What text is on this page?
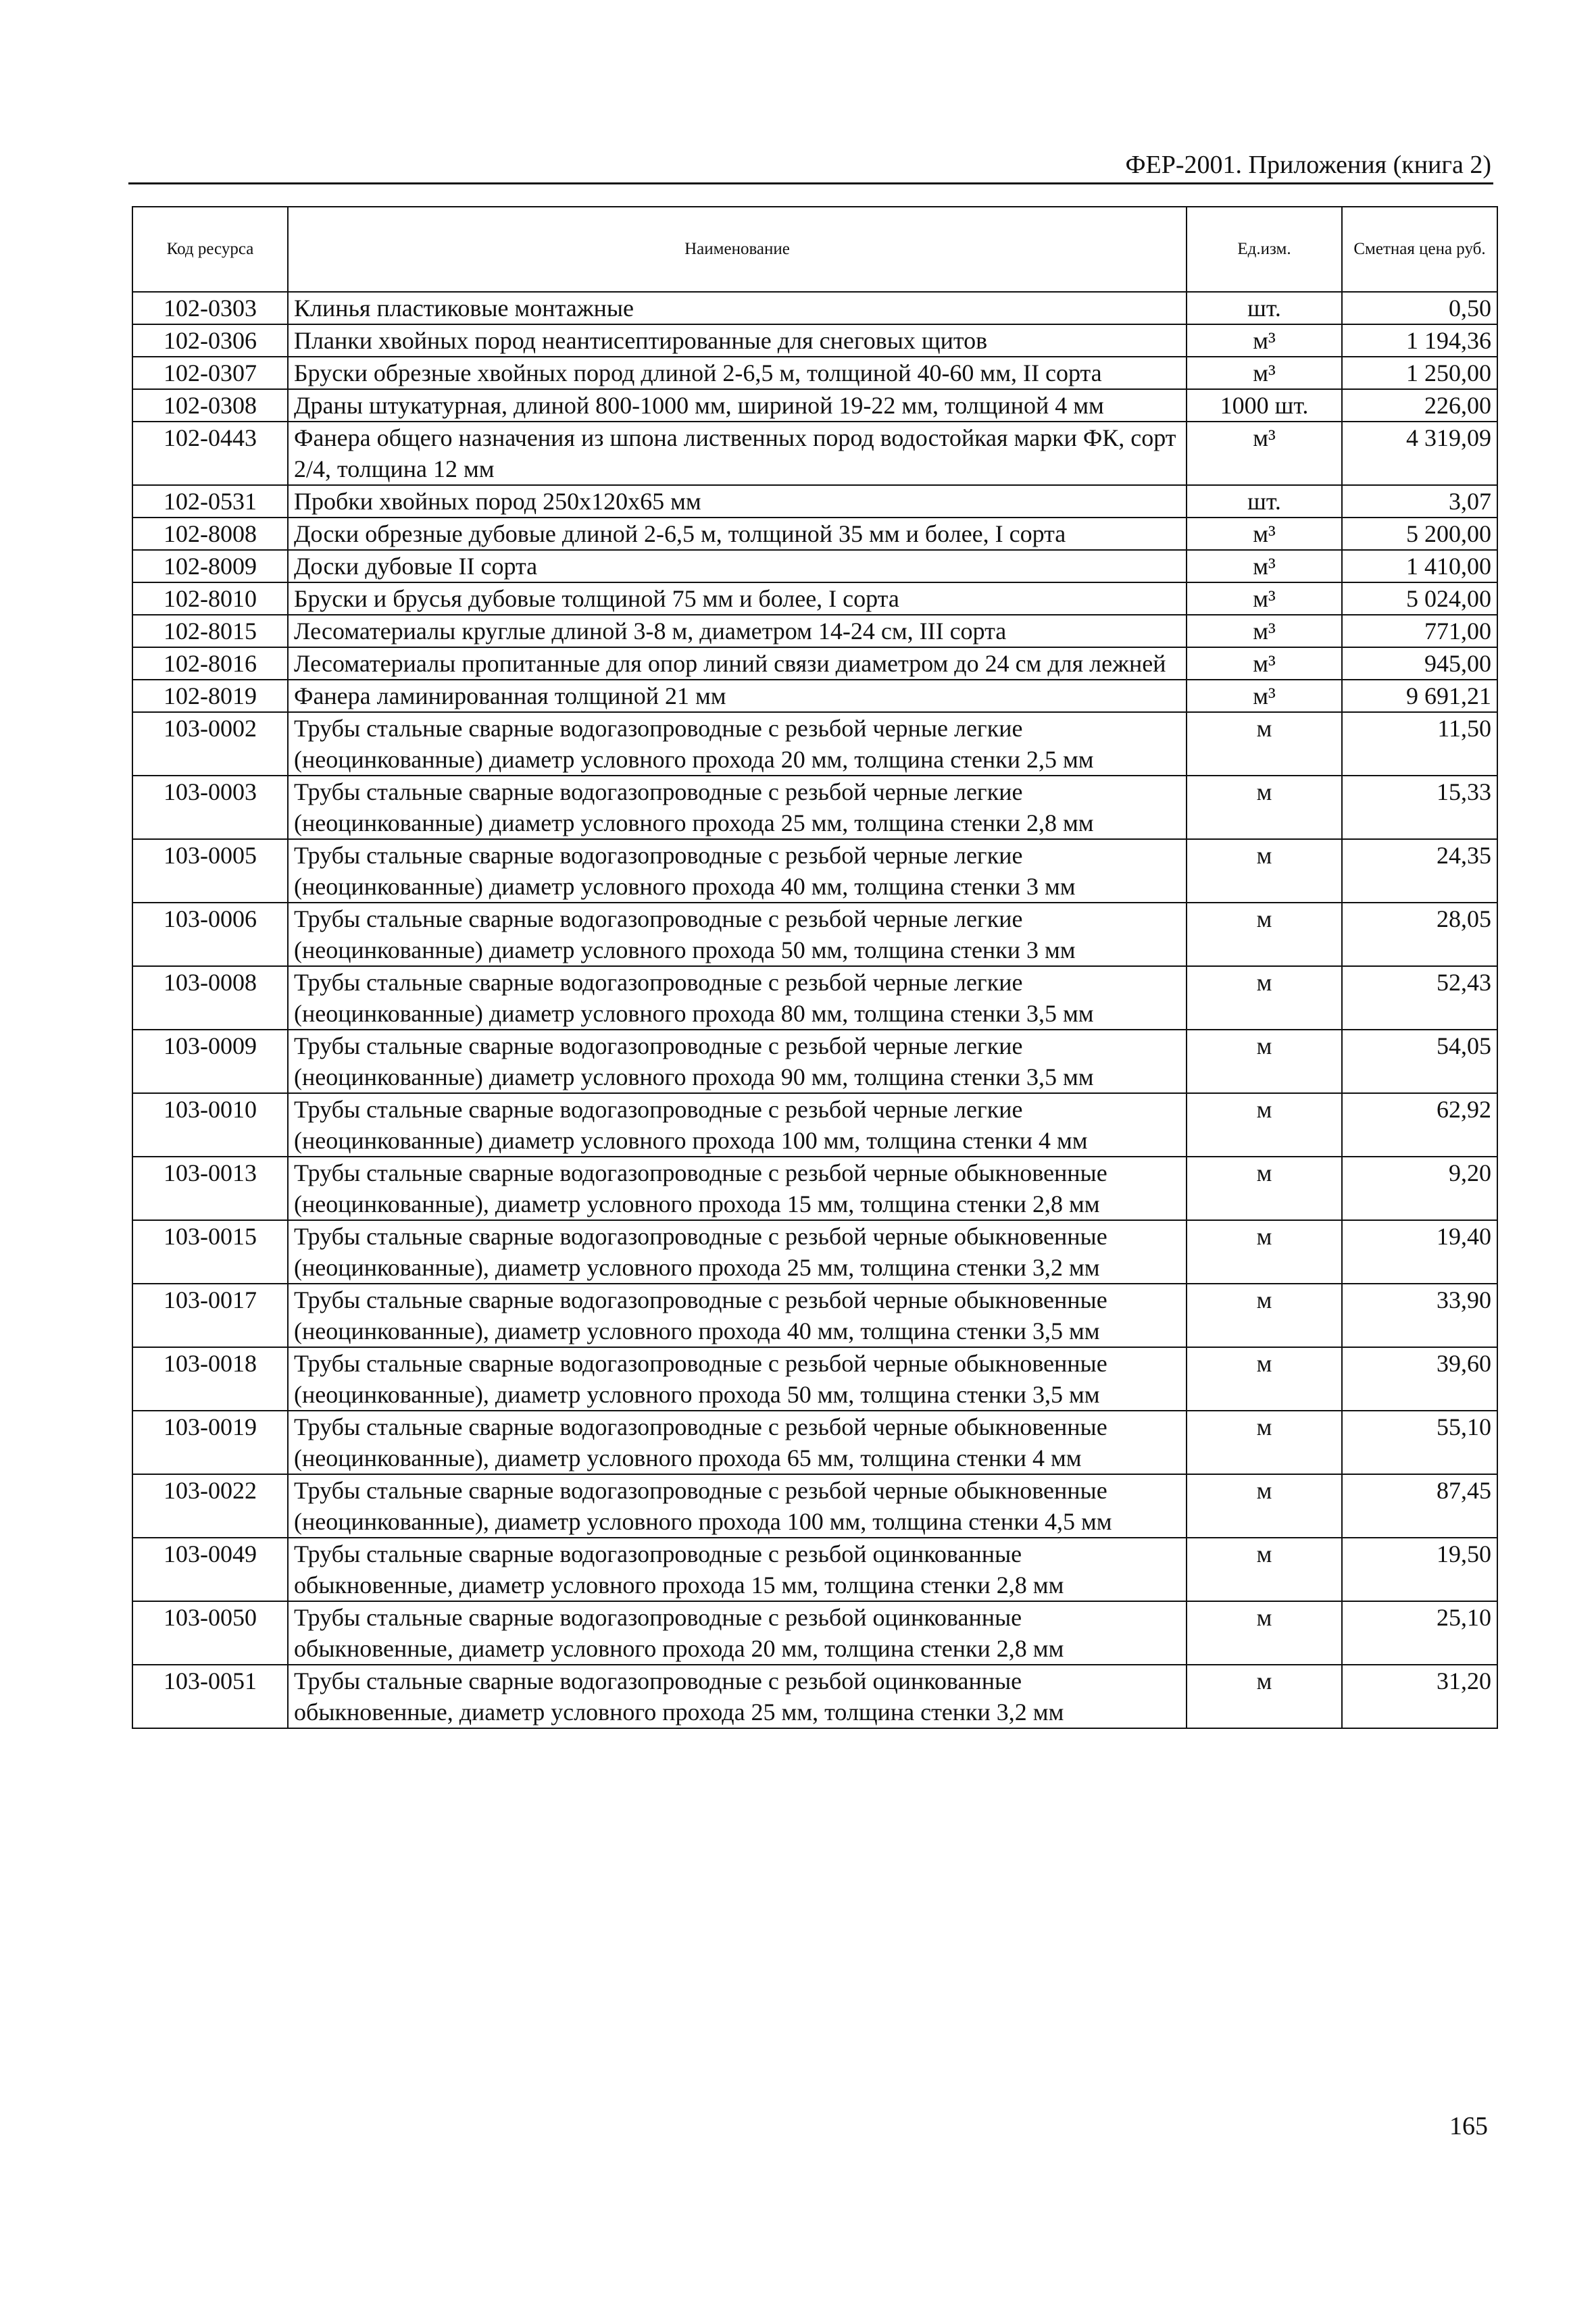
ФЕР-2001. Приложения (книга 2)
Код ресурса	Наименование	Ед.изм.	Сметная цена руб.
102-0303	Клинья пластиковые монтажные	шт.	0,50
102-0306	Планки хвойных пород неантисептированные для снеговых щитов	м³	1 194,36
102-0307	Бруски обрезные хвойных пород длиной 2-6,5 м, толщиной 40-60 мм, II сорта	м³	1 250,00
102-0308	Драны штукатурная, длиной 800-1000 мм, шириной 19-22 мм, толщиной 4 мм	1000 шт.	226,00
102-0443	Фанера общего назначения из шпона лиственных пород водостойкая марки ФК, сорт 2/4, толщина 12 мм	м³	4 319,09
102-0531	Пробки хвойных пород 250х120х65 мм	шт.	3,07
102-8008	Доски обрезные дубовые длиной 2-6,5 м, толщиной 35 мм и более, I сорта	м³	5 200,00
102-8009	Доски дубовые II сорта	м³	1 410,00
102-8010	Бруски и брусья дубовые толщиной 75 мм и более, I сорта	м³	5 024,00
102-8015	Лесоматериалы круглые длиной 3-8 м, диаметром 14-24 см, III сорта	м³	771,00
102-8016	Лесоматериалы пропитанные для опор линий связи диаметром до 24 см для лежней	м³	945,00
102-8019	Фанера ламинированная толщиной 21 мм	м³	9 691,21
103-0002	Трубы стальные сварные водогазопроводные с резьбой черные легкие (неоцинкованные) диаметр условного прохода 20 мм, толщина стенки 2,5 мм	м	11,50
103-0003	Трубы стальные сварные водогазопроводные с резьбой черные легкие (неоцинкованные) диаметр условного прохода 25 мм, толщина стенки 2,8 мм	м	15,33
103-0005	Трубы стальные сварные водогазопроводные с резьбой черные легкие (неоцинкованные) диаметр условного прохода 40 мм, толщина стенки 3 мм	м	24,35
103-0006	Трубы стальные сварные водогазопроводные с резьбой черные легкие (неоцинкованные) диаметр условного прохода 50 мм, толщина стенки 3 мм	м	28,05
103-0008	Трубы стальные сварные водогазопроводные с резьбой черные легкие (неоцинкованные) диаметр условного прохода 80 мм, толщина стенки 3,5 мм	м	52,43
103-0009	Трубы стальные сварные водогазопроводные с резьбой черные легкие (неоцинкованные) диаметр условного прохода 90 мм, толщина стенки 3,5 мм	м	54,05
103-0010	Трубы стальные сварные водогазопроводные с резьбой черные легкие (неоцинкованные) диаметр условного прохода 100 мм, толщина стенки 4 мм	м	62,92
103-0013	Трубы стальные сварные водогазопроводные с резьбой черные обыкновенные (неоцинкованные), диаметр условного прохода 15 мм, толщина стенки 2,8 мм	м	9,20
103-0015	Трубы стальные сварные водогазопроводные с резьбой черные обыкновенные (неоцинкованные), диаметр условного прохода 25 мм, толщина стенки 3,2 мм	м	19,40
103-0017	Трубы стальные сварные водогазопроводные с резьбой черные обыкновенные (неоцинкованные), диаметр условного прохода 40 мм, толщина стенки 3,5 мм	м	33,90
103-0018	Трубы стальные сварные водогазопроводные с резьбой черные обыкновенные (неоцинкованные), диаметр условного прохода 50 мм, толщина стенки 3,5 мм	м	39,60
103-0019	Трубы стальные сварные водогазопроводные с резьбой черные обыкновенные (неоцинкованные), диаметр условного прохода 65 мм, толщина стенки 4 мм	м	55,10
103-0022	Трубы стальные сварные водогазопроводные с резьбой черные обыкновенные (неоцинкованные), диаметр условного прохода 100 мм, толщина стенки 4,5 мм	м	87,45
103-0049	Трубы стальные сварные водогазопроводные с резьбой оцинкованные обыкновенные, диаметр условного прохода 15 мм, толщина стенки 2,8 мм	м	19,50
103-0050	Трубы стальные сварные водогазопроводные с резьбой оцинкованные обыкновенные, диаметр условного прохода 20 мм, толщина стенки 2,8 мм	м	25,10
103-0051	Трубы стальные сварные водогазопроводные с резьбой оцинкованные обыкновенные, диаметр условного прохода 25 мм, толщина стенки 3,2 мм	м	31,20
165
